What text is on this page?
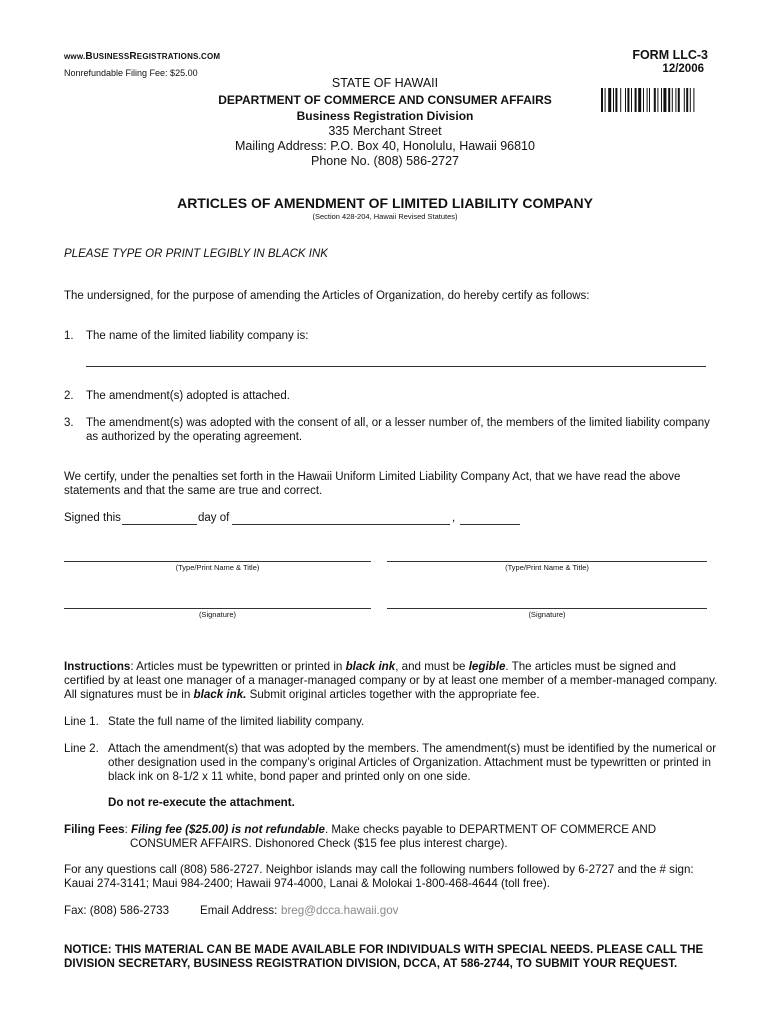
www.BUSINESSREGISTRATIONS.COM
Nonrefundable Filing Fee: $25.00
FORM LLC-3
12/2006
STATE OF HAWAII
DEPARTMENT OF COMMERCE AND CONSUMER AFFAIRS
Business Registration Division
335 Merchant Street
Mailing Address: P.O. Box 40, Honolulu, Hawaii 96810
Phone No. (808) 586-2727
ARTICLES OF AMENDMENT OF LIMITED LIABILITY COMPANY
(Section 428-204, Hawaii Revised Statutes)
PLEASE TYPE OR PRINT LEGIBLY IN BLACK INK
The undersigned, for the purpose of amending the Articles of Organization, do hereby certify as follows:
1. The name of the limited liability company is:
2. The amendment(s) adopted is attached.
3. The amendment(s) was adopted with the consent of all, or a lesser number of, the members of the limited liability company
as authorized by the operating agreement.
We certify, under the penalties set forth in the Hawaii Uniform Limited Liability Company Act, that we have read the above
statements and that the same are true and correct.
Signed this	day of	,
(Type/Print Name & Title)	(Type/Print Name & Title)
(Signature)	(Signature)
Instructions: Articles must be typewritten or printed in black ink, and must be legible. The articles must be signed and
certified by at least one manager of a manager-managed company or by at least one member of a member-managed company.
All signatures must be in black ink. Submit original articles together with the appropriate fee.
Line 1. State the full name of the limited liability company.
Line 2. Attach the amendment(s) that was adopted by the members. The amendment(s) must be identified by the numerical or
other designation used in the company’s original Articles of Organization. Attachment must be typewritten or printed in
black ink on 8-1/2 x 11 white, bond paper and printed only on one side.
Do not re-execute the attachment.
Filing Fees: Filing fee ($25.00) is not refundable. Make checks payable to DEPARTMENT OF COMMERCE AND
CONSUMER AFFAIRS. Dishonored Check ($15 fee plus interest charge).
For any questions call (808) 586-2727. Neighbor islands may call the following numbers followed by 6-2727 and the # sign:
Kauai 274-3141; Maui 984-2400; Hawaii 974-4000, Lanai & Molokai 1-800-468-4644 (toll free).
Fax: (808) 586-2733	Email Address: breg@dcca.hawaii.gov
NOTICE: THIS MATERIAL CAN BE MADE AVAILABLE FOR INDIVIDUALS WITH SPECIAL NEEDS. PLEASE CALL THE
DIVISION SECRETARY, BUSINESS REGISTRATION DIVISION, DCCA, AT 586-2744, TO SUBMIT YOUR REQUEST.
